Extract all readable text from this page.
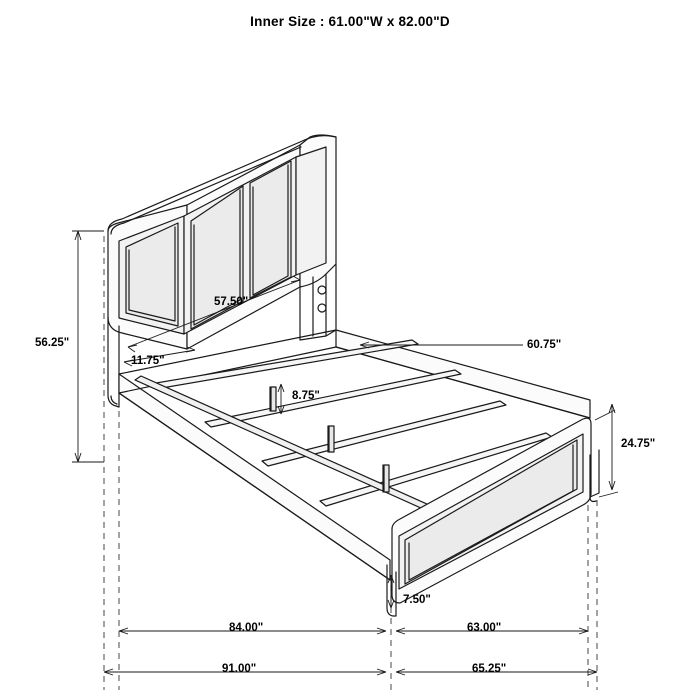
Inner Size : 61.00"W x 82.00"D
56.25"
57.50"
11.75"
8.75"
60.75"
24.75"
7.50"
84.00"	63.00"
91.00"	65.25"
